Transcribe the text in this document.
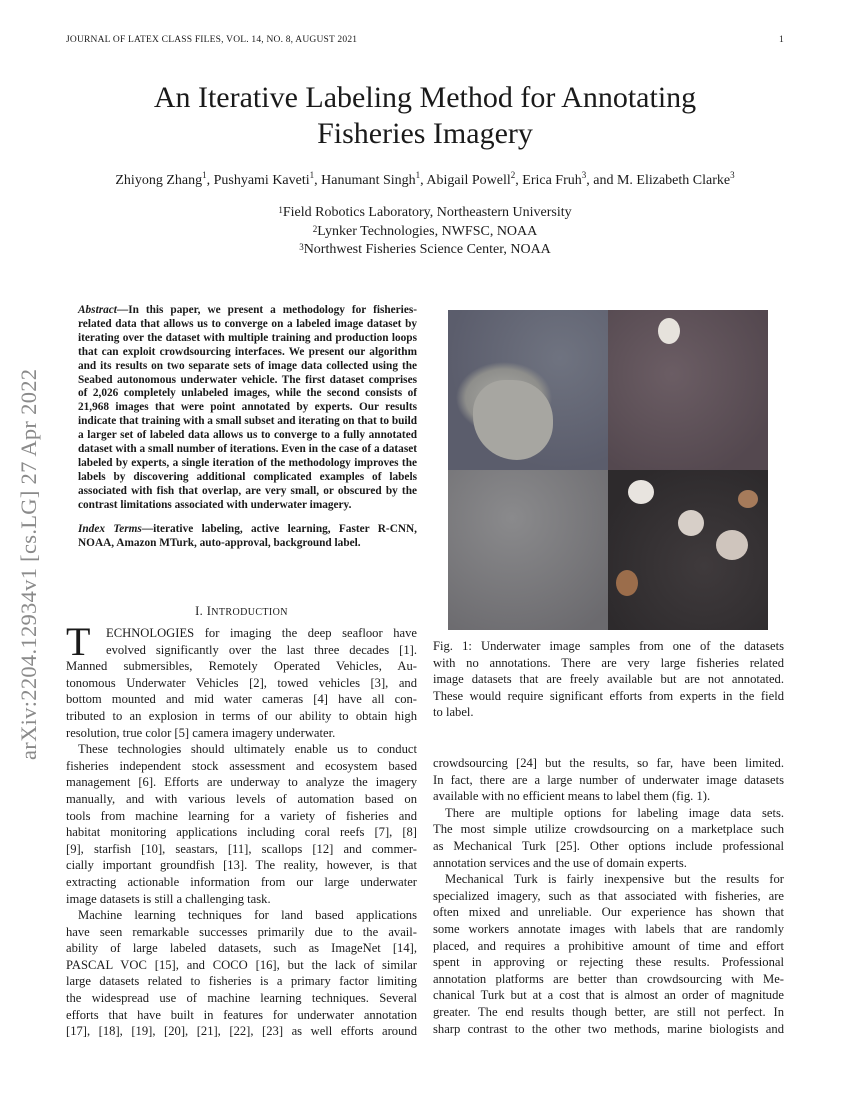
JOURNAL OF LATEX CLASS FILES, VOL. 14, NO. 8, AUGUST 2021	1
arXiv:2204.12934v1 [cs.LG] 27 Apr 2022
An Iterative Labeling Method for Annotating
Fisheries Imagery
Zhiyong Zhang$^1$, Pushyami Kaveti$^1$, Hanumant Singh$^1$, Abigail Powell$^2$, Erica Fruh$^3$, and M. Elizabeth Clarke$^3$
$^1$Field Robotics Laboratory, Northeastern University
$^2$Lynker Technologies, NWFSC, NOAA
$^3$Northwest Fisheries Science Center, NOAA
Abstract—In this paper, we present a methodology for fisheries-related data that allows us to converge on a labeled image dataset by iterating over the dataset with multiple training and production loops that can exploit crowdsourcing interfaces. We present our algorithm and its results on two separate sets of image data collected using the Seabed autonomous underwater vehicle. The first dataset comprises of 2,026 completely unlabeled images, while the second consists of 21,968 images that were point annotated by experts. Our results indicate that training with a small subset and iterating on that to build a larger set of labeled data allows us to converge to a fully annotated dataset with a small number of iterations. Even in the case of a dataset labeled by experts, a single iteration of the methodology improves the labels by discovering additional complicated examples of labels associated with fish that overlap, are very small, or obscured by the contrast limitations associated with underwater imagery.
Index Terms—iterative labeling, active learning, Faster R-CNN, NOAA, Amazon MTurk, auto-approval, background label.
I. INTRODUCTION
ECHNOLOGIES for imaging the deep seafloor have
evolved significantly over the last three decades [1].
Manned submersibles, Remotely Operated Vehicles, Au-
tonomous Underwater Vehicles [2], towed vehicles [3], and
bottom mounted and mid water cameras [4] have all con-
tributed to an explosion in terms of our ability to obtain high
resolution, true color [5] camera imagery underwater.
T
These technologies should ultimately enable us to conduct
fisheries independent stock assessment and ecosystem based
management [6]. Efforts are underway to analyze the imagery
manually, and with various levels of automation based on
tools from machine learning for a variety of fisheries and
habitat monitoring applications including coral reefs [7], [8]
[9], starfish [10], seastars, [11], scallops [12] and commer-
cially important groundfish [13]. The reality, however, is that
extracting actionable information from our large underwater
image datasets is still a challenging task.
Machine learning techniques for land based applications
have seen remarkable successes primarily due to the avail-
ability of large labeled datasets, such as ImageNet [14],
PASCAL VOC [15], and COCO [16], but the lack of similar
large datasets related to fisheries is a primary factor limiting
the widespread use of machine learning techniques. Several
efforts that have built in features for underwater annotation
[17], [18], [19], [20], [21], [22], [23] as well efforts around
Fig. 1: Underwater image samples from one of the datasets
with no annotations. There are very large fisheries related
image datasets that are freely available but are not annotated.
These would require significant efforts from experts in the field
to label.
crowdsourcing [24] but the results, so far, have been limited.
In fact, there are a large number of underwater image datasets
available with no efficient means to label them (fig. 1).
There are multiple options for labeling image data sets.
The most simple utilize crowdsourcing on a marketplace such
as Mechanical Turk [25]. Other options include professional
annotation services and the use of domain experts.
Mechanical Turk is fairly inexpensive but the results for
specialized imagery, such as that associated with fisheries, are
often mixed and unreliable. Our experience has shown that
some workers annotate images with labels that are randomly
placed, and requires a prohibitive amount of time and effort
spent in approving or rejecting these results. Professional
annotation platforms are better than crowdsourcing with Me-
chanical Turk but at a cost that is almost an order of magnitude
greater. The end results though better, are still not perfect. In
sharp contrast to the other two methods, marine biologists and
